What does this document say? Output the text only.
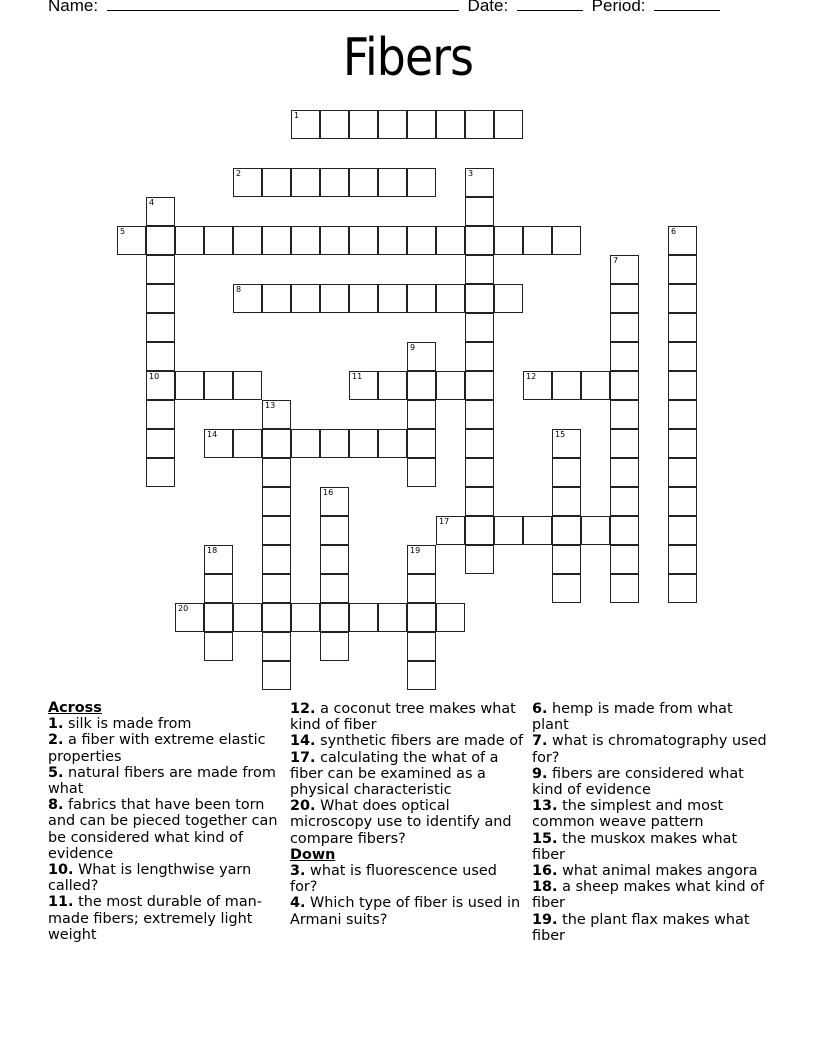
Name:	Date:	Period:
Fibers
1
2	3
4
10
5	6
7
8
9
11	12
13
14	15
16
17
18	19
20
Across
1. silk is made from
2. a fiber with extreme elastic properties
5. natural fibers are made from what
8. fabrics that have been torn and can be pieced together can be considered what kind of evidence
10. What is lengthwise yarn called?
11. the most durable of man-made fibers; extremely light weight
12. a coconut tree makes what kind of fiber
14. synthetic fibers are made of
17. calculating the what of a fiber can be examined as a physical characteristic
20. What does optical microscopy use to identify and compare fibers?
Down
3. what is fluorescence used for?
4. Which type of fiber is used in Armani suits?
6. hemp is made from what plant
7. what is chromatography used for?
9. fibers are considered what kind of evidence
13. the simplest and most common weave pattern
15. the muskox makes what fiber
16. what animal makes angora
18. a sheep makes what kind of fiber
19. the plant flax makes what fiber
